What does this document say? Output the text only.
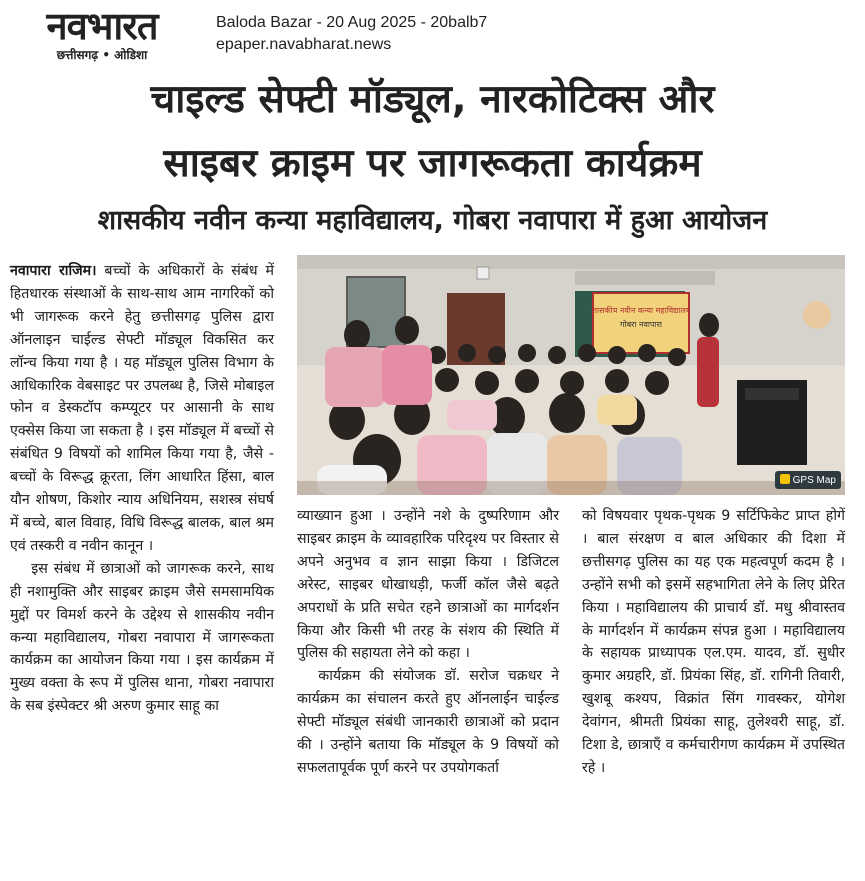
नवभारत
छत्तीसगढ़ • ओडिशा
Baloda Bazar - 20 Aug 2025 - 20balb7
epaper.navabharat.news
चाइल्ड सेफ्टी मॉड्यूल, नारकोटिक्स और
साइबर क्राइम पर जागरूकता कार्यक्रम
शासकीय नवीन कन्या महाविद्यालय, गोबरा नवापारा में हुआ आयोजन

नवापारा राजिम। बच्चों के अधिकारों के संबंध में हितधारक संस्थाओं के साथ-साथ आम नागरिकों को भी जागरूक करने हेतु छत्तीसगढ़ पुलिस द्वारा ऑनलाइन चाईल्ड सेफ्टी मॉड्यूल विकसित कर लॉन्च किया गया है । यह मॉड्यूल पुलिस विभाग के आधिकारिक वेबसाइट पर उपलब्ध है, जिसे मोबाइल फोन व डेस्कटॉप कम्प्यूटर पर आसानी के साथ एक्सेस किया जा सकता है । इस मॉड्यूल में बच्चों से संबंधित 9 विषयों को शामिल किया गया है, जैसे - बच्चों के विरूद्ध क्रूरता, लिंग आधारित हिंसा, बाल यौन शोषण, किशोर न्याय अधिनियम, सशस्त्र संघर्ष में बच्चे, बाल विवाह, विधि विरूद्ध बालक, बाल श्रम एवं तस्करी व नवीन कानून ।

इस संबंध में छात्राओं को जागरूक करने, साथ ही नशामुक्ति और साइबर क्राइम जैसे समसामयिक मुद्दों पर विमर्श करने के उद्देश्य से शासकीय नवीन कन्या महाविद्यालय, गोबरा नवापारा में जागरूकता कार्यक्रम का आयोजन किया गया । इस कार्यक्रम में मुख्य वक्ता के रूप में पुलिस थाना, गोबरा नवापारा के सब इंस्पेक्टर श्री अरुण कुमार साहू का

शासकीय नवीन कन्या महाविद्यालय
गोबरा नवापारा
GPS Map

व्याख्यान हुआ । उन्होंने नशे के दुष्परिणाम और साइबर क्राइम के व्यावहारिक परिदृश्य पर विस्तार से अपने अनुभव व ज्ञान साझा किया । डिजिटल अरेस्ट, साइबर धोखाधड़ी, फर्जी कॉल जैसे बढ़ते अपराधों के प्रति सचेत रहने छात्राओं का मार्गदर्शन किया और किसी भी तरह के संशय की स्थिति में पुलिस की सहायता लेने को कहा ।

कार्यक्रम की संयोजक डॉ. सरोज चक्रधर ने कार्यक्रम का संचालन करते हुए ऑनलाईन चाईल्ड सेफ्टी मॉड्यूल संबंधी जानकारी छात्राओं को प्रदान की । उन्होंने बताया कि मॉड्यूल के 9 विषयों को सफलतापूर्वक पूर्ण करने पर उपयोगकर्ता

को विषयवार पृथक-पृथक 9 सर्टिफिकेट प्राप्त होगें । बाल संरक्षण व बाल अधिकार की दिशा में छत्तीसगढ़ पुलिस का यह एक महत्वपूर्ण कदम है । उन्होंने सभी को इसमें सहभागिता लेने के लिए प्रेरित किया । महाविद्यालय की प्राचार्य डॉ. मधु श्रीवास्तव के मार्गदर्शन में कार्यक्रम संपन्न हुआ । महाविद्यालय के सहायक प्राध्यापक एल.एम. यादव, डॉ. सुधीर कुमार अग्रहरि, डॉ. प्रियंका सिंह, डॉ. रागिनी तिवारी, खुशबू कश्यप, विक्रांत सिंग गावस्कर, योगेश देवांगन, श्रीमती प्रियंका साहू, तुलेश्वरी साहू, डॉ. टिशा डे, छात्राएँ व कर्मचारीगण कार्यक्रम में उपस्थित रहे ।
